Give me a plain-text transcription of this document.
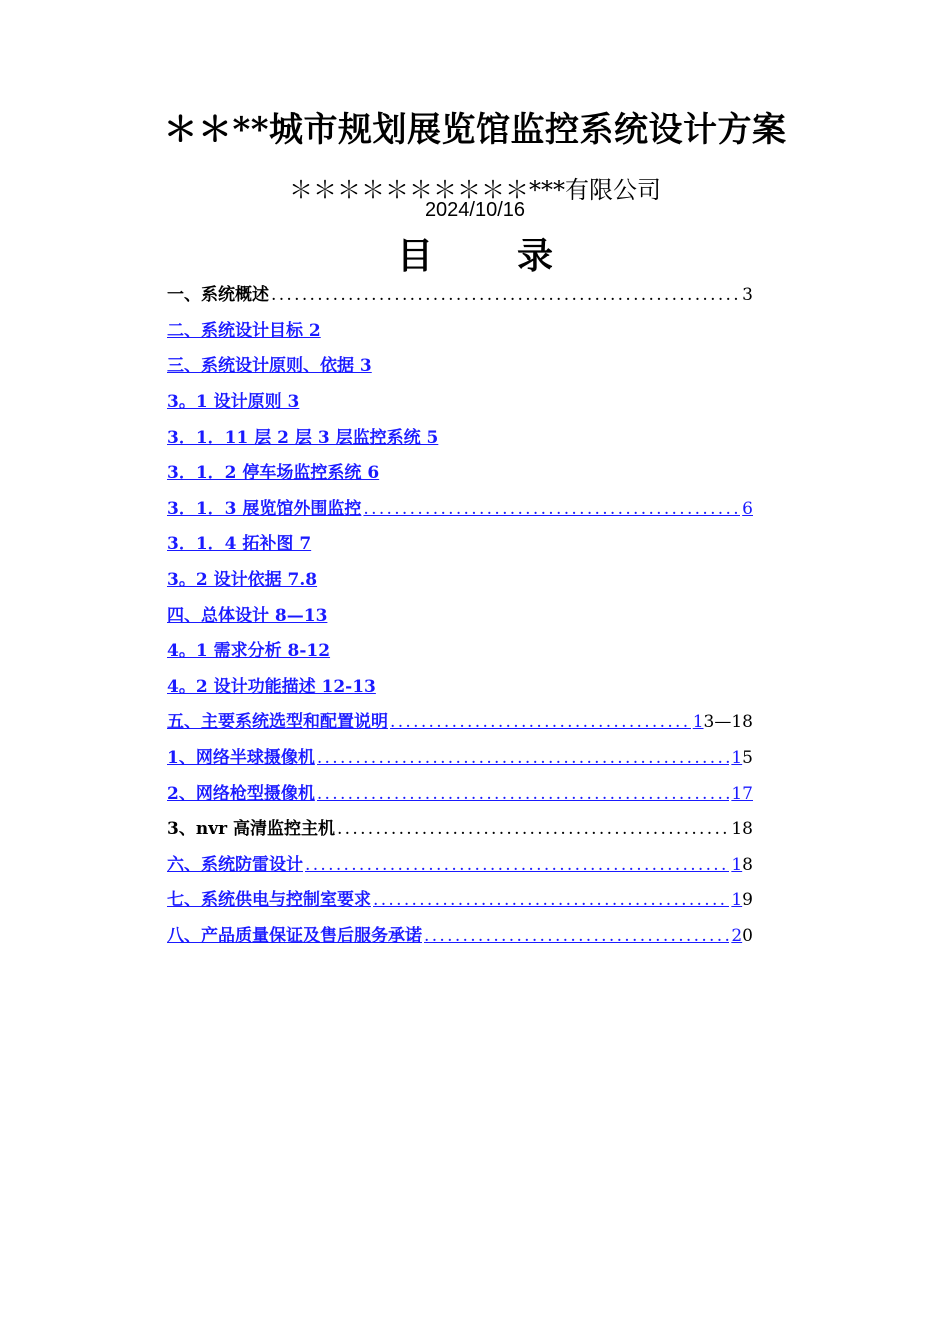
＊＊**城市规划展览馆监控系统设计方案
＊＊＊＊＊＊＊＊＊＊***有限公司
2024/10/16
目录
一、系统概述 .....	3
二、系统设计目标 2
三、系统设计原则、依据 3
3。1 设计原则 3
3．1．11 层 2 层 3 层监控系统 5
3．1．2 停车场监控系统 6
3．1．3 展览馆外围监控 .....	6
3．1．4 拓补图 7
3。2 设计依据 7.8
四、总体设计 8—13
4。1 需求分析 8-12
4。2 设计功能描述 12-13
五、主要系统选型和配置说明 .....	1 3—18
1、网络半球摄像机 .....	1 5
2、网络枪型摄像机 .....	17
3、nvr 高清监控主机 .....	18
六、系统防雷设计 .....	1 8
七、系统供电与控制室要求 .....	1 9
八、产品质量保证及售后服务承诺 .....	2 0
